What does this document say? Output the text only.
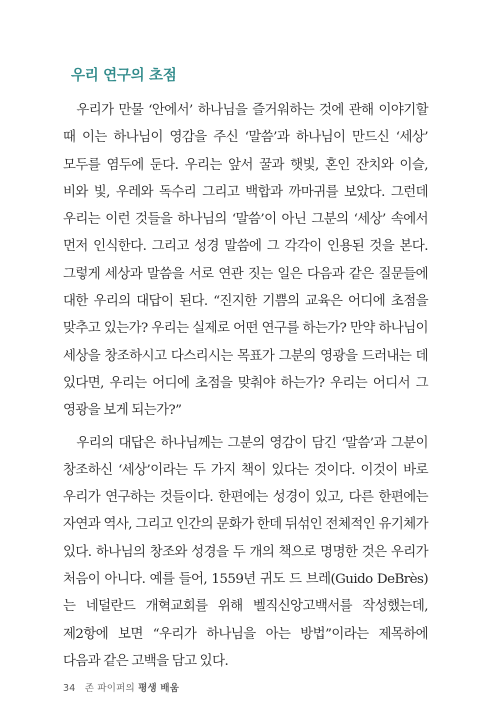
우리 연구의 초점

우리가 만물 ‘안에서’ 하나님을 즐거워하는 것에 관해 이야기할 때 이는 하나님이 영감을 주신 ‘말씀’과 하나님이 만드신 ‘세상’ 모두를 염두에 둔다. 우리는 앞서 꿀과 햇빛, 혼인 잔치와 이슬, 비와 빛, 우레와 독수리 그리고 백합과 까마귀를 보았다. 그런데 우리는 이런 것들을 하나님의 ‘말씀’이 아닌 그분의 ‘세상’ 속에서 먼저 인식한다. 그리고 성경 말씀에 그 각각이 인용된 것을 본다. 그렇게 세상과 말씀을 서로 연관 짓는 일은 다음과 같은 질문들에 대한 우리의 대답이 된다. “진지한 기쁨의 교육은 어디에 초점을 맞추고 있는가? 우리는 실제로 어떤 연구를 하는가? 만약 하나님이 세상을 창조하시고 다스리시는 목표가 그분의 영광을 드러내는 데 있다면, 우리는 어디에 초점을 맞춰야 하는가? 우리는 어디서 그 영광을 보게 되는가?”

우리의 대답은 하나님께는 그분의 영감이 담긴 ‘말씀’과 그분이 창조하신 ‘세상’이라는 두 가지 책이 있다는 것이다. 이것이 바로 우리가 연구하는 것들이다. 한편에는 성경이 있고, 다른 한편에는 자연과 역사, 그리고 인간의 문화가 한데 뒤섞인 전체적인 유기체가 있다. 하나님의 창조와 성경을 두 개의 책으로 명명한 것은 우리가 처음이 아니다. 예를 들어, 1559년 귀도 드 브레(Guido DeBrès)는 네덜란드 개혁교회를 위해 벨직신앙고백서를 작성했는데, 제2항에 보면 “우리가 하나님을 아는 방법”이라는 제목하에 다음과 같은 고백을 담고 있다.

34 존 파이퍼의 평생 배움
